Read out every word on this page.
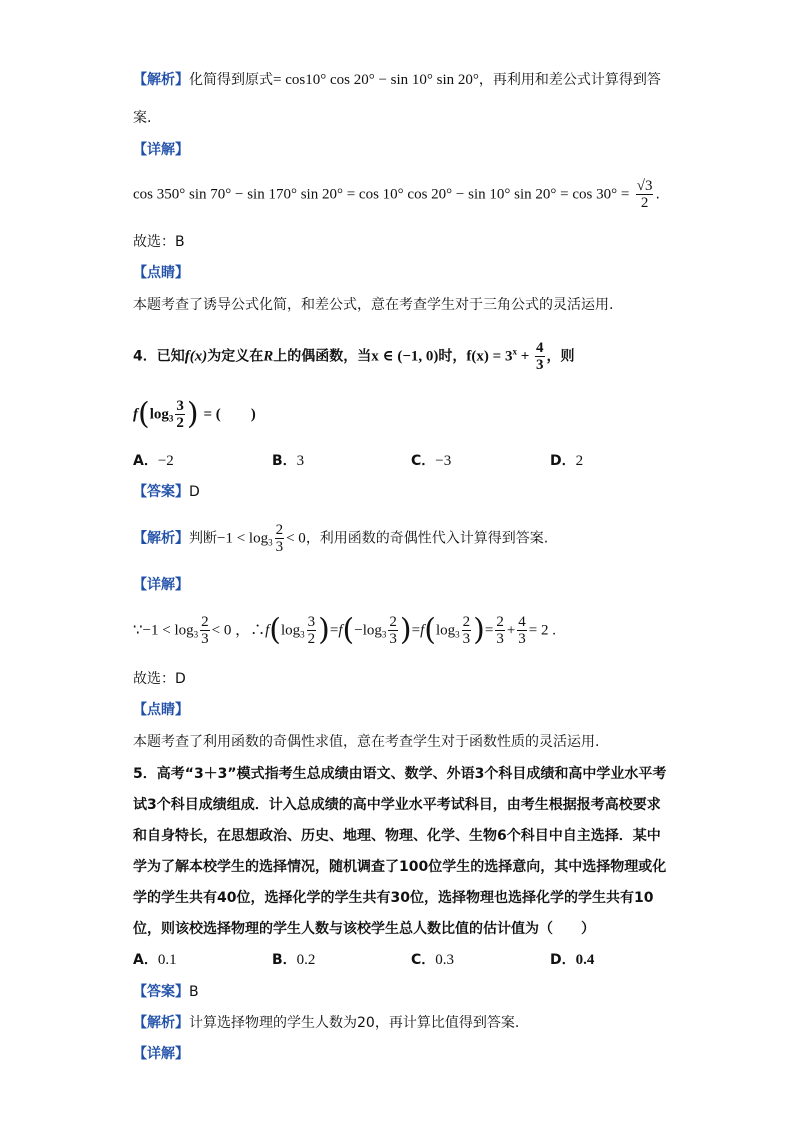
【解析】化简得到原式= cos10° cos 20° − sin 10° sin 20°，再利用和差公式计算得到答
案.
【详解】
cos 350° sin 70° − sin 170° sin 20° = cos 10° cos 20° − sin 10° $\sin 20^\circ = \cos 30^\circ = \frac{√3}{2}$ .
故选：B
【点睛】
本题考查了诱导公式化简，和差公式，意在考查学生对于三角公式的灵活运用.
4．已知f(x)为定义在R上的偶函数，当x ∈ (−1, 0)时，$f(x) = 3^x + \frac{4}{3}$ ，则
$f(\log_3 \frac{3}{2}$ ) = (　　)
A．−2	B．3	C．−3	D．2
【答案】D
【解析】判断$-1 < \log_3 \frac{2}{3} < 0$，利用函数的奇偶性代入计算得到答案.
【详解】
∵−1 < $\log_3 \frac{2}{3} < 0$ ，$\therefore f(\log_3 \frac{3}{2} )=f(-\log_3 \frac{2}{3} )=f(\log_3 \frac{2}{3}$ )= $\frac{2}{3} + \frac{4}{3} = 2$ .
故选：D
【点睛】
本题考查了利用函数的奇偶性求值，意在考查学生对于函数性质的灵活运用.
5．高考“3＋3”模式指考生总成绩由语文、数学、外语3个科目成绩和高中学业水平考
试3个科目成绩组成．计入总成绩的高中学业水平考试科目，由考生根据报考高校要求
和自身特长，在思想政治、历史、地理、物理、化学、生物6个科目中自主选择．某中
学为了解本校学生的选择情况，随机调查了100位学生的选择意向，其中选择物理或化
学的学生共有40位，选择化学的学生共有30位，选择物理也选择化学的学生共有10
位，则该校选择物理的学生人数与该校学生总人数比值的估计值为（　　）
A．0.1	B．0.2	C．0.3	D．0.4
【答案】B
【解析】计算选择物理的学生人数为20，再计算比值得到答案.
【详解】
